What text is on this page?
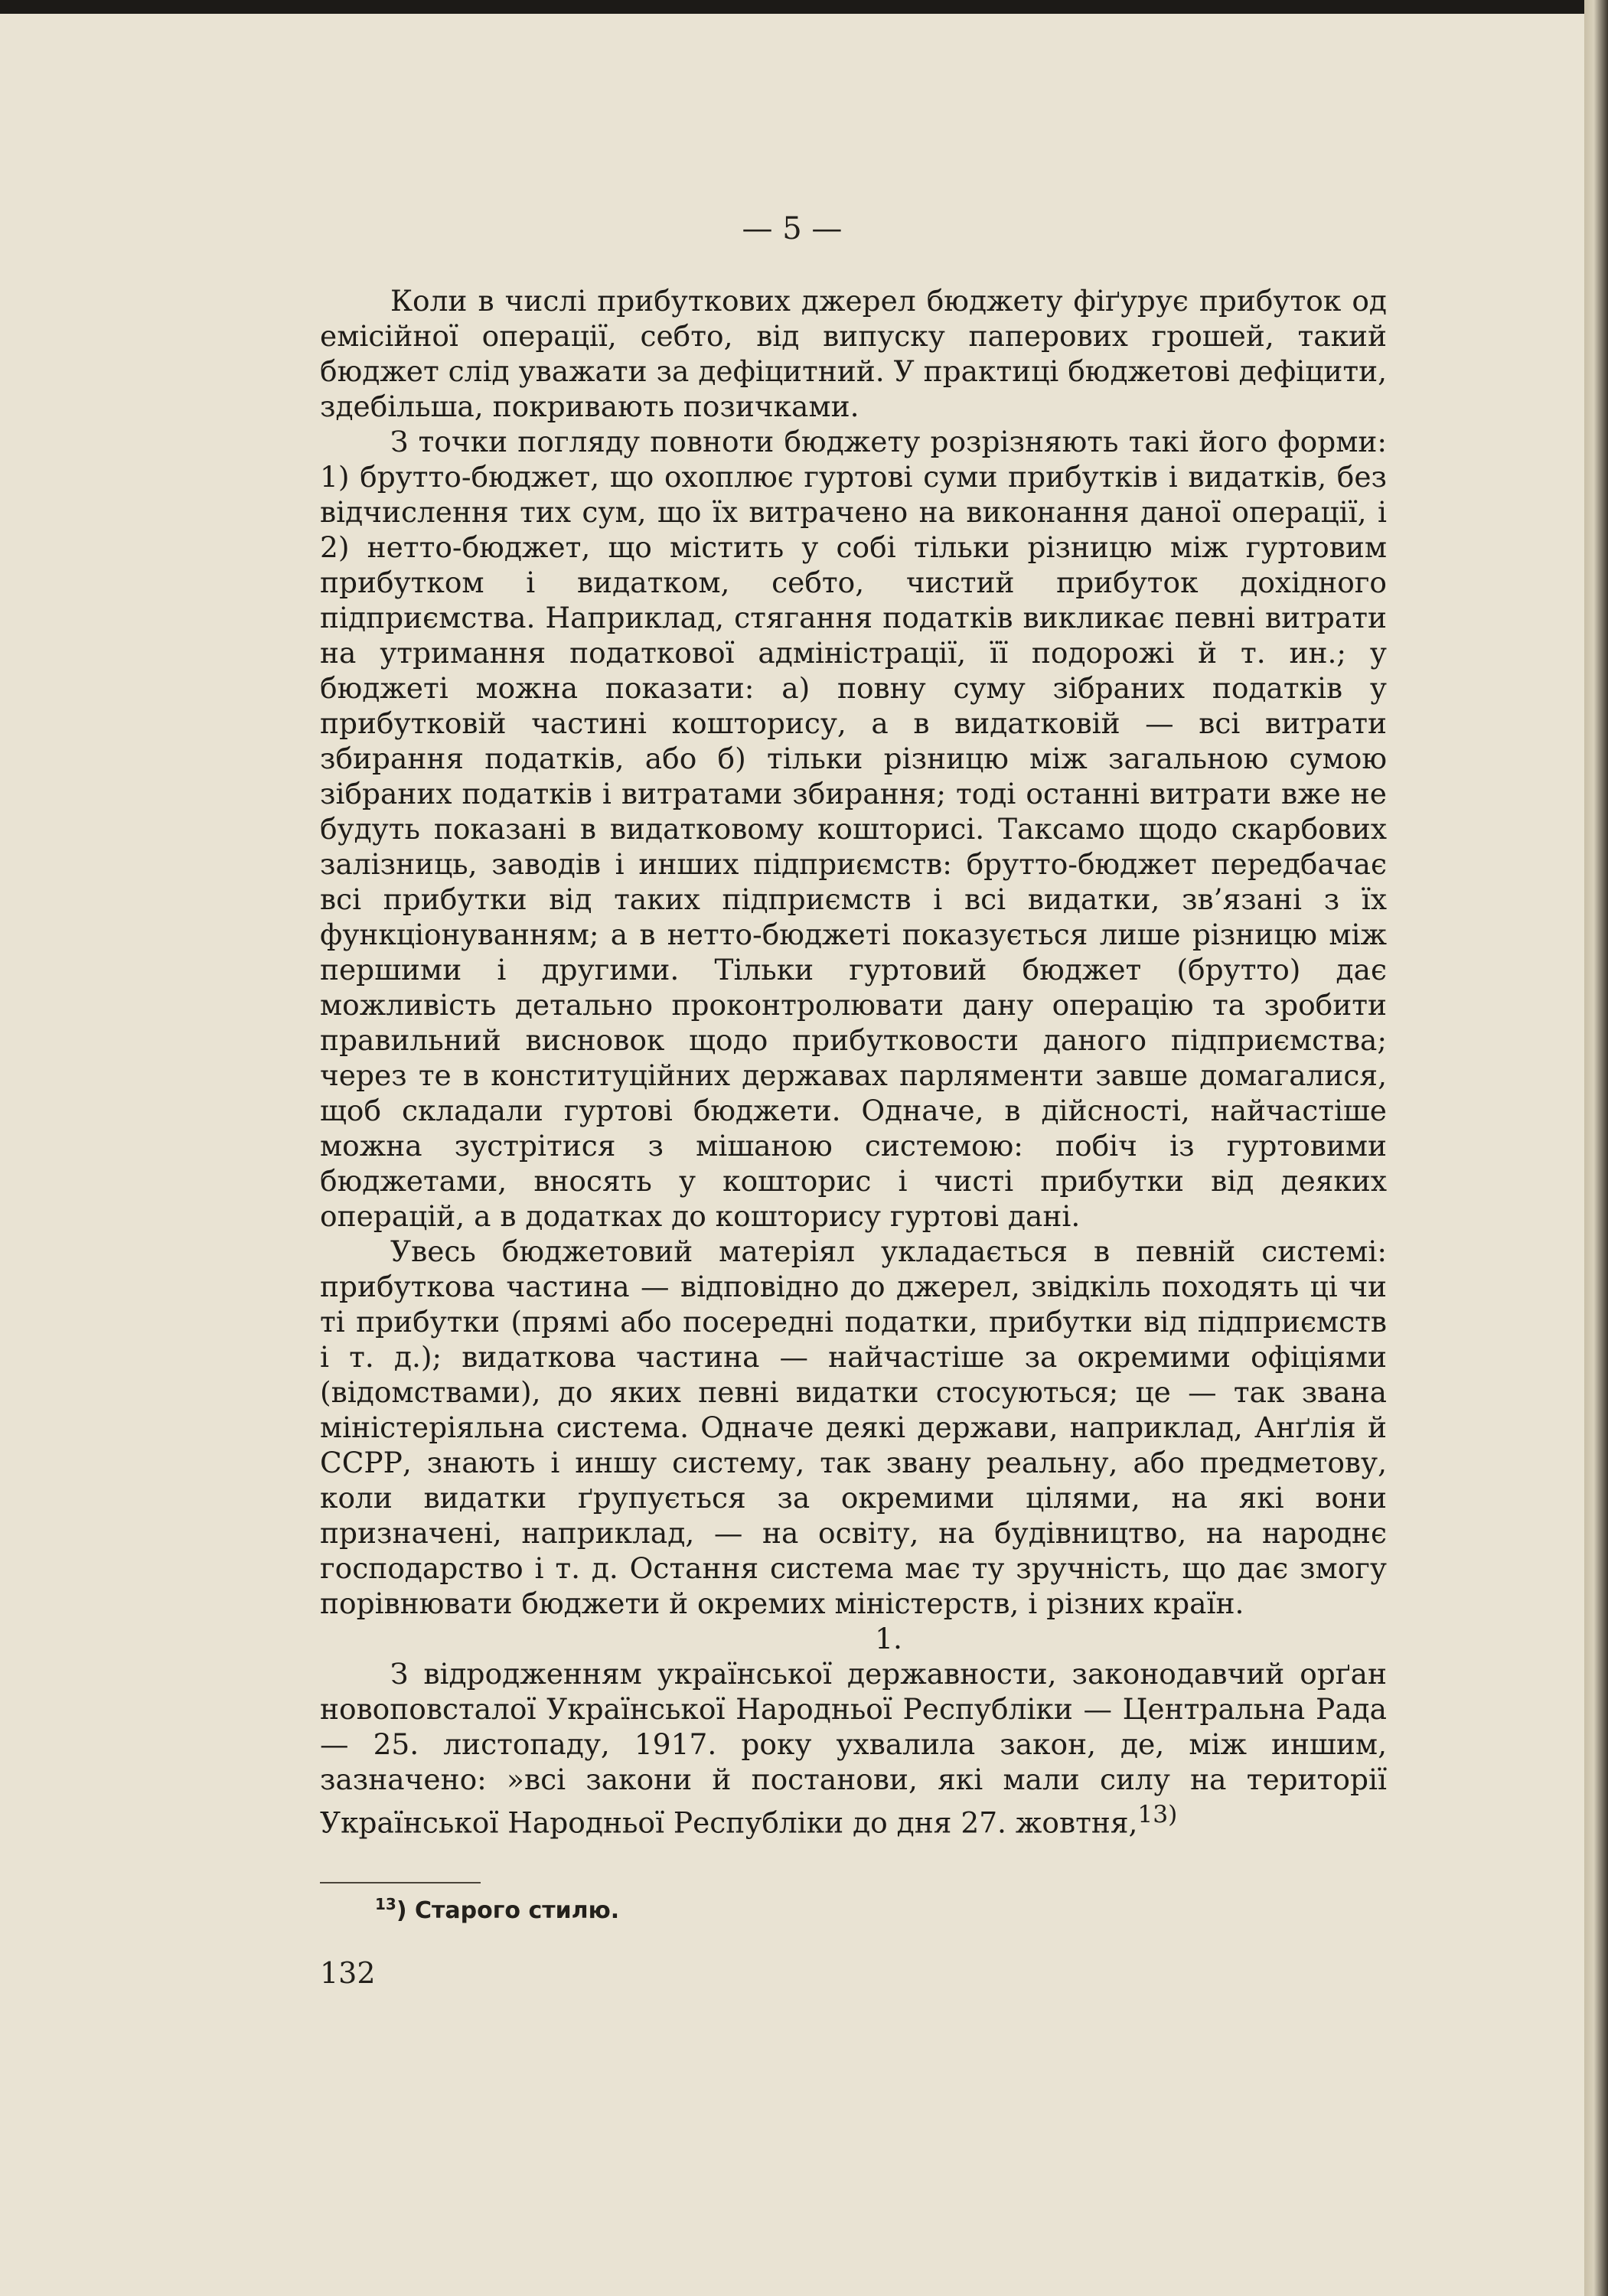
— 5 —

Коли в числі прибуткових джерел бюджету фіґурує прибуток од емісійної операції, себто, від випуску паперових грошей, такий бюджет слід уважати за дефіцитний. У практиці бюджетові дефіцити, здебільша, покривають позичками.

З точки погляду повноти бюджету розрізняють такі його форми: 1) брутто-бюджет, що охоплює гуртові суми прибутків і видатків, без відчислення тих сум, що їх витрачено на виконання даної операції, і 2) нетто-бюджет, що містить у собі тільки різницю між гуртовим прибутком і видатком, себто, чистий прибуток дохідного підприємства. Наприклад, стягання податків викликає певні витрати на утримання податкової адміністрації, її подорожі й т. ин.; у бюджеті можна показати: а) повну суму зібраних податків у прибутковій частині кошторису, а в видатковій — всі витрати збирання податків, або б) тільки різницю між загальною сумою зібраних податків і витратами збирання; тоді останні витрати вже не будуть показані в видатковому кошторисі. Таксамо щодо скарбових залізниць, заводів і инших підприємств: брутто-бюджет передбачає всі прибутки від таких підприємств і всі видатки, зв’язані з їх функціонуванням; а в нетто-бюджеті показується лише різницю між першими і другими. Тільки гуртовий бюджет (брутто) дає можливість детально проконтролювати дану операцію та зробити правильний висновок щодо прибутковости даного підприємства; через те в конституційних державах парляменти завше домагалися, щоб складали гуртові бюджети. Одначе, в дійсності, найчастіше можна зустрітися з мішаною системою: побіч із гуртовими бюджетами, вносять у кошторис і чисті прибутки від деяких операцій, а в додатках до кошторису гуртові дані.

Увесь бюджетовий матеріял укладається в певній системі: прибуткова частина — відповідно до джерел, звідкіль походять ці чи ті прибутки (прямі або посередні податки, прибутки від підприємств і т. д.); видаткова частина — найчастіше за окремими офіціями (відомствами), до яких певні видатки стосуються; це — так звана міністеріяльна система. Одначе деякі держави, наприклад, Анґлія й ССРР, знають і иншу систему, так звану реальну, або предметову, коли видатки ґрупується за окремими цілями, на які вони призначені, наприклад, — на освіту, на будівництво, на народнє господарство і т. д. Остання система має ту зручність, що дає змогу порівнювати бюджети й окремих міністерств, і різних країн.

1.

З відродженням української державности, законодавчий орґан новоповсталої Української Народньої Республіки — Центральна Рада — 25. листопаду, 1917. року ухвалила закон, де, між иншим, зазначено: »всі закони й постанови, які мали силу на території Української Народньої Республіки до дня 27. жовтня,$^{13)}$

$^{13}$) Старого стилю.
132
